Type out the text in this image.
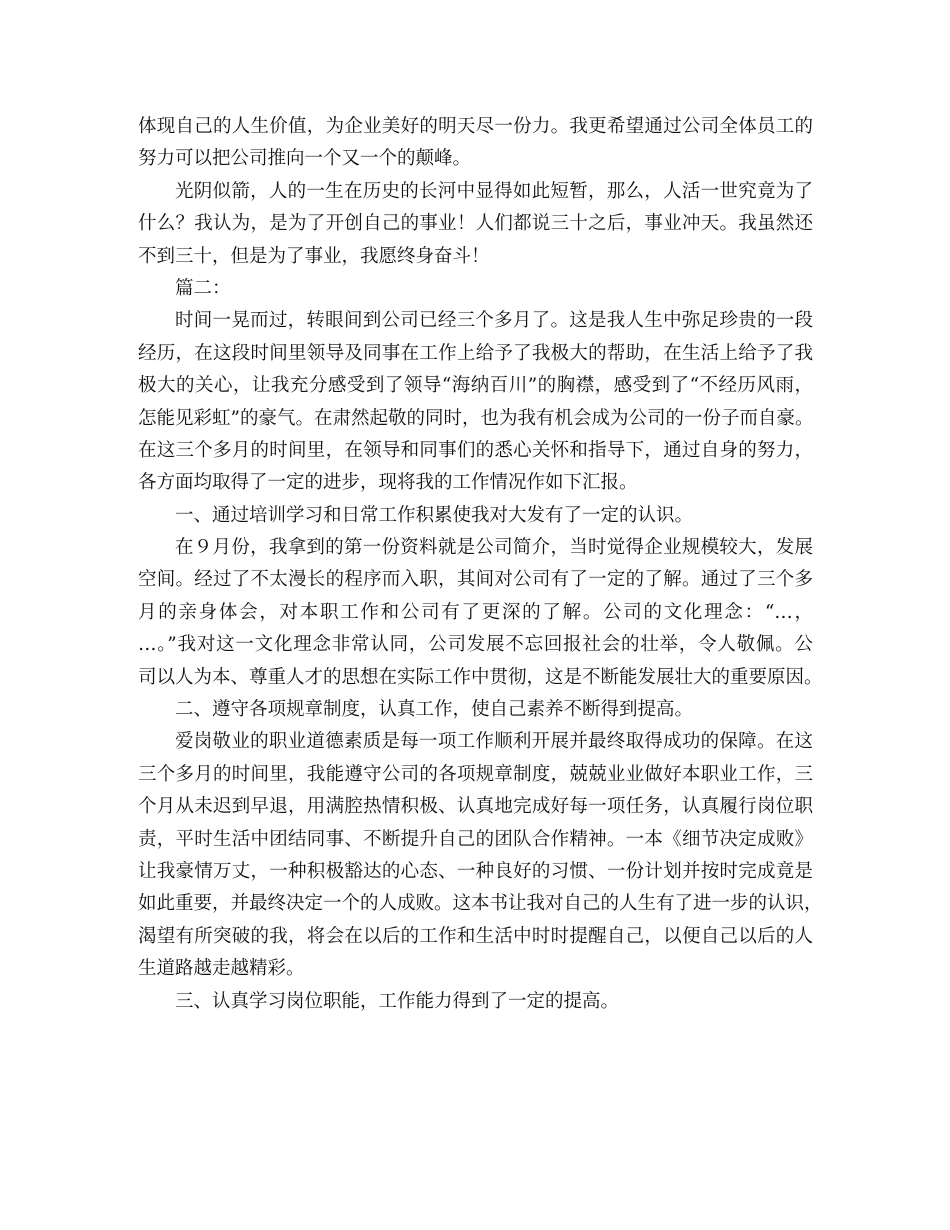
体现自己的人生价值，为企业美好的明天尽一份力。我更希望通过公司全体员工的
努力可以把公司推向一个又一个的颠峰。
光阴似箭，人的一生在历史的长河中显得如此短暂，那么，人活一世究竟为了
什么？我认为，是为了开创自己的事业！人们都说三十之后，事业冲天。我虽然还
不到三十，但是为了事业，我愿终身奋斗！
篇二：
时间一晃而过，转眼间到公司已经三个多月了。这是我人生中弥足珍贵的一段
经历，在这段时间里领导及同事在工作上给予了我极大的帮助，在生活上给予了我
极大的关心，让我充分感受到了领导“海纳百川”的胸襟，感受到了“不经历风雨，
怎能见彩虹”的豪气。在肃然起敬的同时，也为我有机会成为公司的一份子而自豪。
在这三个多月的时间里，在领导和同事们的悉心关怀和指导下，通过自身的努力，
各方面均取得了一定的进步，现将我的工作情况作如下汇报。
一、通过培训学习和日常工作积累使我对大发有了一定的认识。
在９月份，我拿到的第一份资料就是公司简介，当时觉得企业规模较大，发展
空间。经过了不太漫长的程序而入职，其间对公司有了一定的了解。通过了三个多
月的亲身体会，对本职工作和公司有了更深的了解。公司的文化理念：“…，
…。”我对这一文化理念非常认同，公司发展不忘回报社会的壮举，令人敬佩。公
司以人为本、尊重人才的思想在实际工作中贯彻，这是不断能发展壮大的重要原因。
二、遵守各项规章制度，认真工作，使自己素养不断得到提高。
爱岗敬业的职业道德素质是每一项工作顺利开展并最终取得成功的保障。在这
三个多月的时间里，我能遵守公司的各项规章制度，兢兢业业做好本职业工作，三
个月从未迟到早退，用满腔热情积极、认真地完成好每一项任务，认真履行岗位职
责，平时生活中团结同事、不断提升自己的团队合作精神。一本《细节决定成败》
让我豪情万丈，一种积极豁达的心态、一种良好的习惯、一份计划并按时完成竟是
如此重要，并最终决定一个的人成败。这本书让我对自己的人生有了进一步的认识，
渴望有所突破的我，将会在以后的工作和生活中时时提醒自己，以便自己以后的人
生道路越走越精彩。
三、认真学习岗位职能，工作能力得到了一定的提高。
